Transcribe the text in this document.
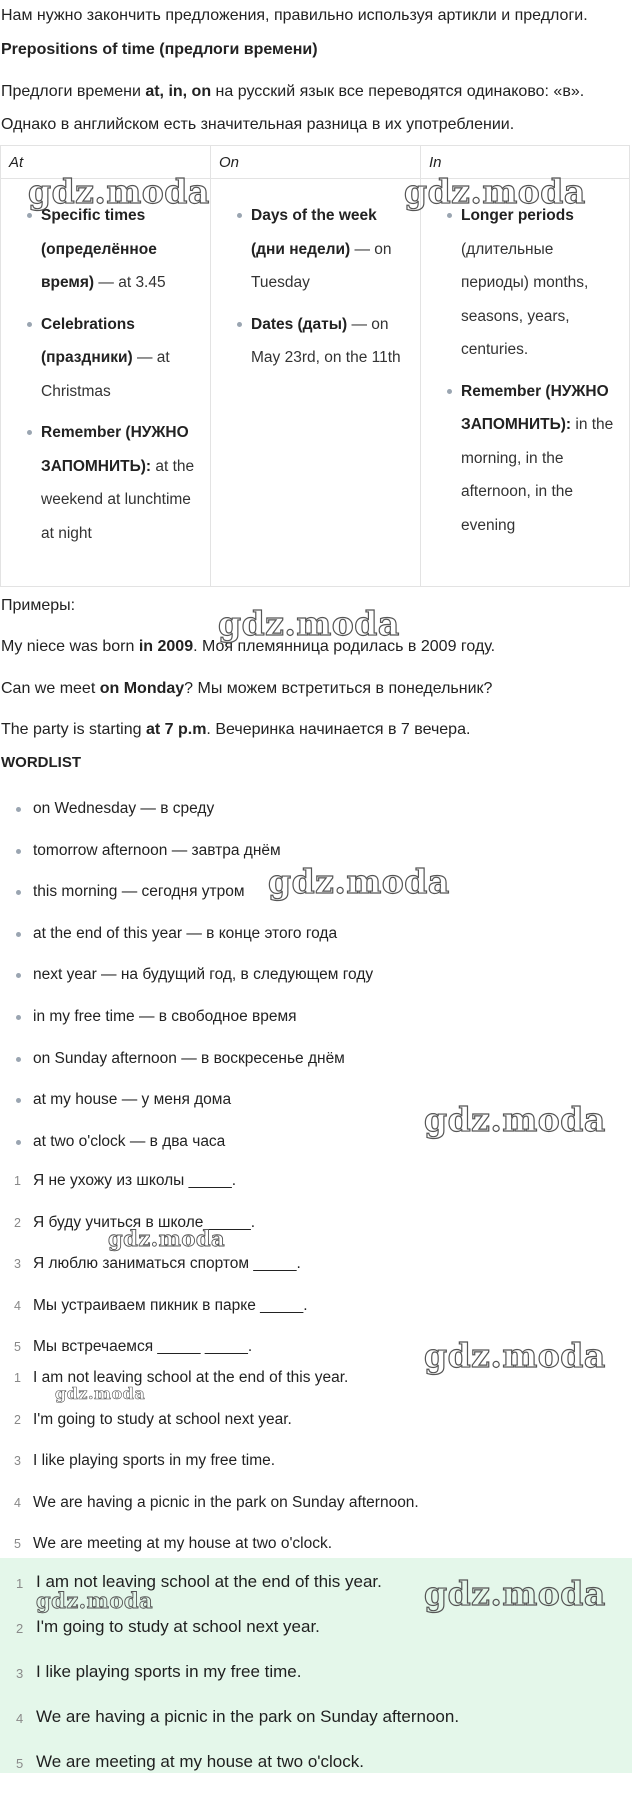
Нам нужно закончить предложения, правильно используя артикли и предлоги.

Prepositions of time (предлоги времени)

Предлоги времени at, in, on на русский язык все переводятся одинаково: «в».

Однако в английском есть значительная разница в их употреблении.

At
Specific times (определённое время) — at 3.45
Celebrations (праздники) — at Christmas
Remember (НУЖНО ЗАПОМНИТЬ): at the weekend at lunchtime at night
On
Days of the week (дни недели) — on Tuesday
Dates (даты) — on May 23rd, on the 11th
In
Longer periods (длительные периоды) months, seasons, years, centuries.
Remember (НУЖНО ЗАПОМНИТЬ): in the morning, in the afternoon, in the evening

Примеры:

My niece was born in 2009. Моя племянница родилась в 2009 году.

Can we meet on Monday? Мы можем встретиться в понедельник?

The party is starting at 7 p.m. Вечеринка начинается в 7 вечера.

WORDLIST

on Wednesday — в среду
tomorrow afternoon — завтра днём
this morning — сегодня утром
at the end of this year — в конце этого года
next year — на будущий год, в следующем году
in my free time — в свободное время
on Sunday afternoon — в воскресенье днём
at my house — у меня дома
at two o'clock — в два часа
1 Я не ухожу из школы _____.
2 Я буду учиться в школе _____.
3 Я люблю заниматься спортом _____.
4 Мы устраиваем пикник в парке _____.
5 Мы встречаемся _____ _____.
1 I am not leaving school at the end of this year.
2 I'm going to study at school next year.
3 I like playing sports in my free time.
4 We are having a picnic in the park on Sunday afternoon.
5 We are meeting at my house at two o'clock.
1 I am not leaving school at the end of this year.
2 I'm going to study at school next year.
3 I like playing sports in my free time.
4 We are having a picnic in the park on Sunday afternoon.
5 We are meeting at my house at two o'clock.
gdz.moda	gdz.moda
gdz.moda
gdz.moda
gdz.moda
gdz.moda
gdz.moda
gdz.moda
